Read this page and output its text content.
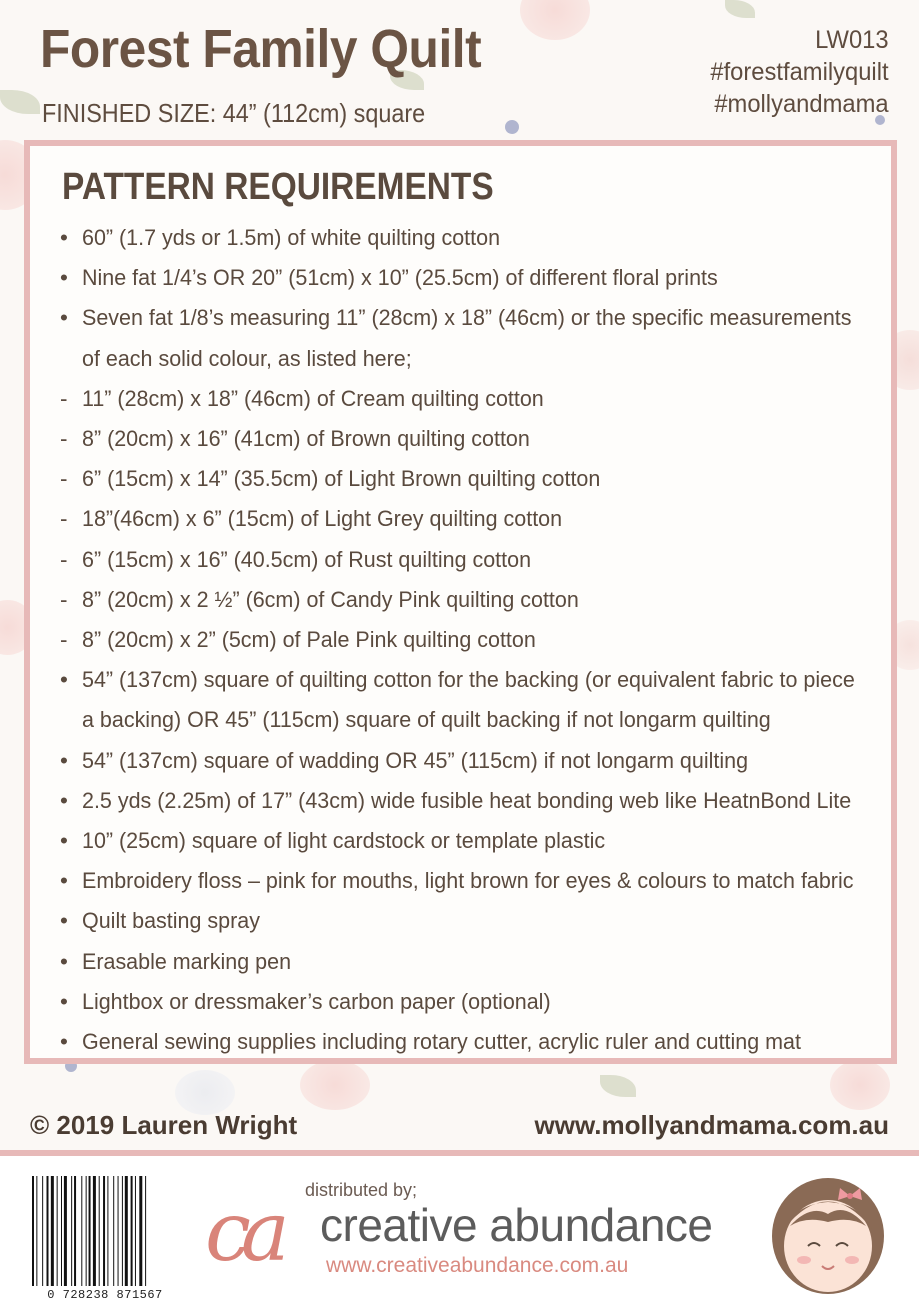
Forest Family Quilt
FINISHED SIZE: 44” (112cm) square
LW013
#forestfamilyquilt
#mollyandmama
PATTERN REQUIREMENTS
• 60” (1.7 yds or 1.5m) of white quilting cotton
• Nine fat 1/4’s OR 20” (51cm) x 10” (25.5cm) of different floral prints
• Seven fat 1/8’s measuring 11” (28cm) x 18” (46cm) or the specific measurements
of each solid colour, as listed here;
- 11” (28cm) x 18” (46cm) of Cream quilting cotton
- 8” (20cm) x 16” (41cm) of Brown quilting cotton
- 6” (15cm) x 14” (35.5cm) of Light Brown quilting cotton
- 18”(46cm) x 6” (15cm) of Light Grey quilting cotton
- 6” (15cm) x 16” (40.5cm) of Rust quilting cotton
- 8” (20cm) x 2 ½” (6cm) of Candy Pink quilting cotton
- 8” (20cm) x 2” (5cm) of Pale Pink quilting cotton
• 54” (137cm) square of quilting cotton for the backing (or equivalent fabric to piece
a backing) OR 45” (115cm) square of quilt backing if not longarm quilting
• 54” (137cm) square of wadding OR 45” (115cm) if not longarm quilting
• 2.5 yds (2.25m) of 17” (43cm) wide fusible heat bonding web like HeatnBond Lite
• 10” (25cm) square of light cardstock or template plastic
• Embroidery floss – pink for mouths, light brown for eyes & colours to match fabric
• Quilt basting spray
• Erasable marking pen
• Lightbox or dressmaker’s carbon paper (optional)
• General sewing supplies including rotary cutter, acrylic ruler and cutting mat
© 2019 Lauren Wright	www.mollyandmama.com.au
0 728238 871567
distributed by;
ca creative abundance
www.creativeabundance.com.au
